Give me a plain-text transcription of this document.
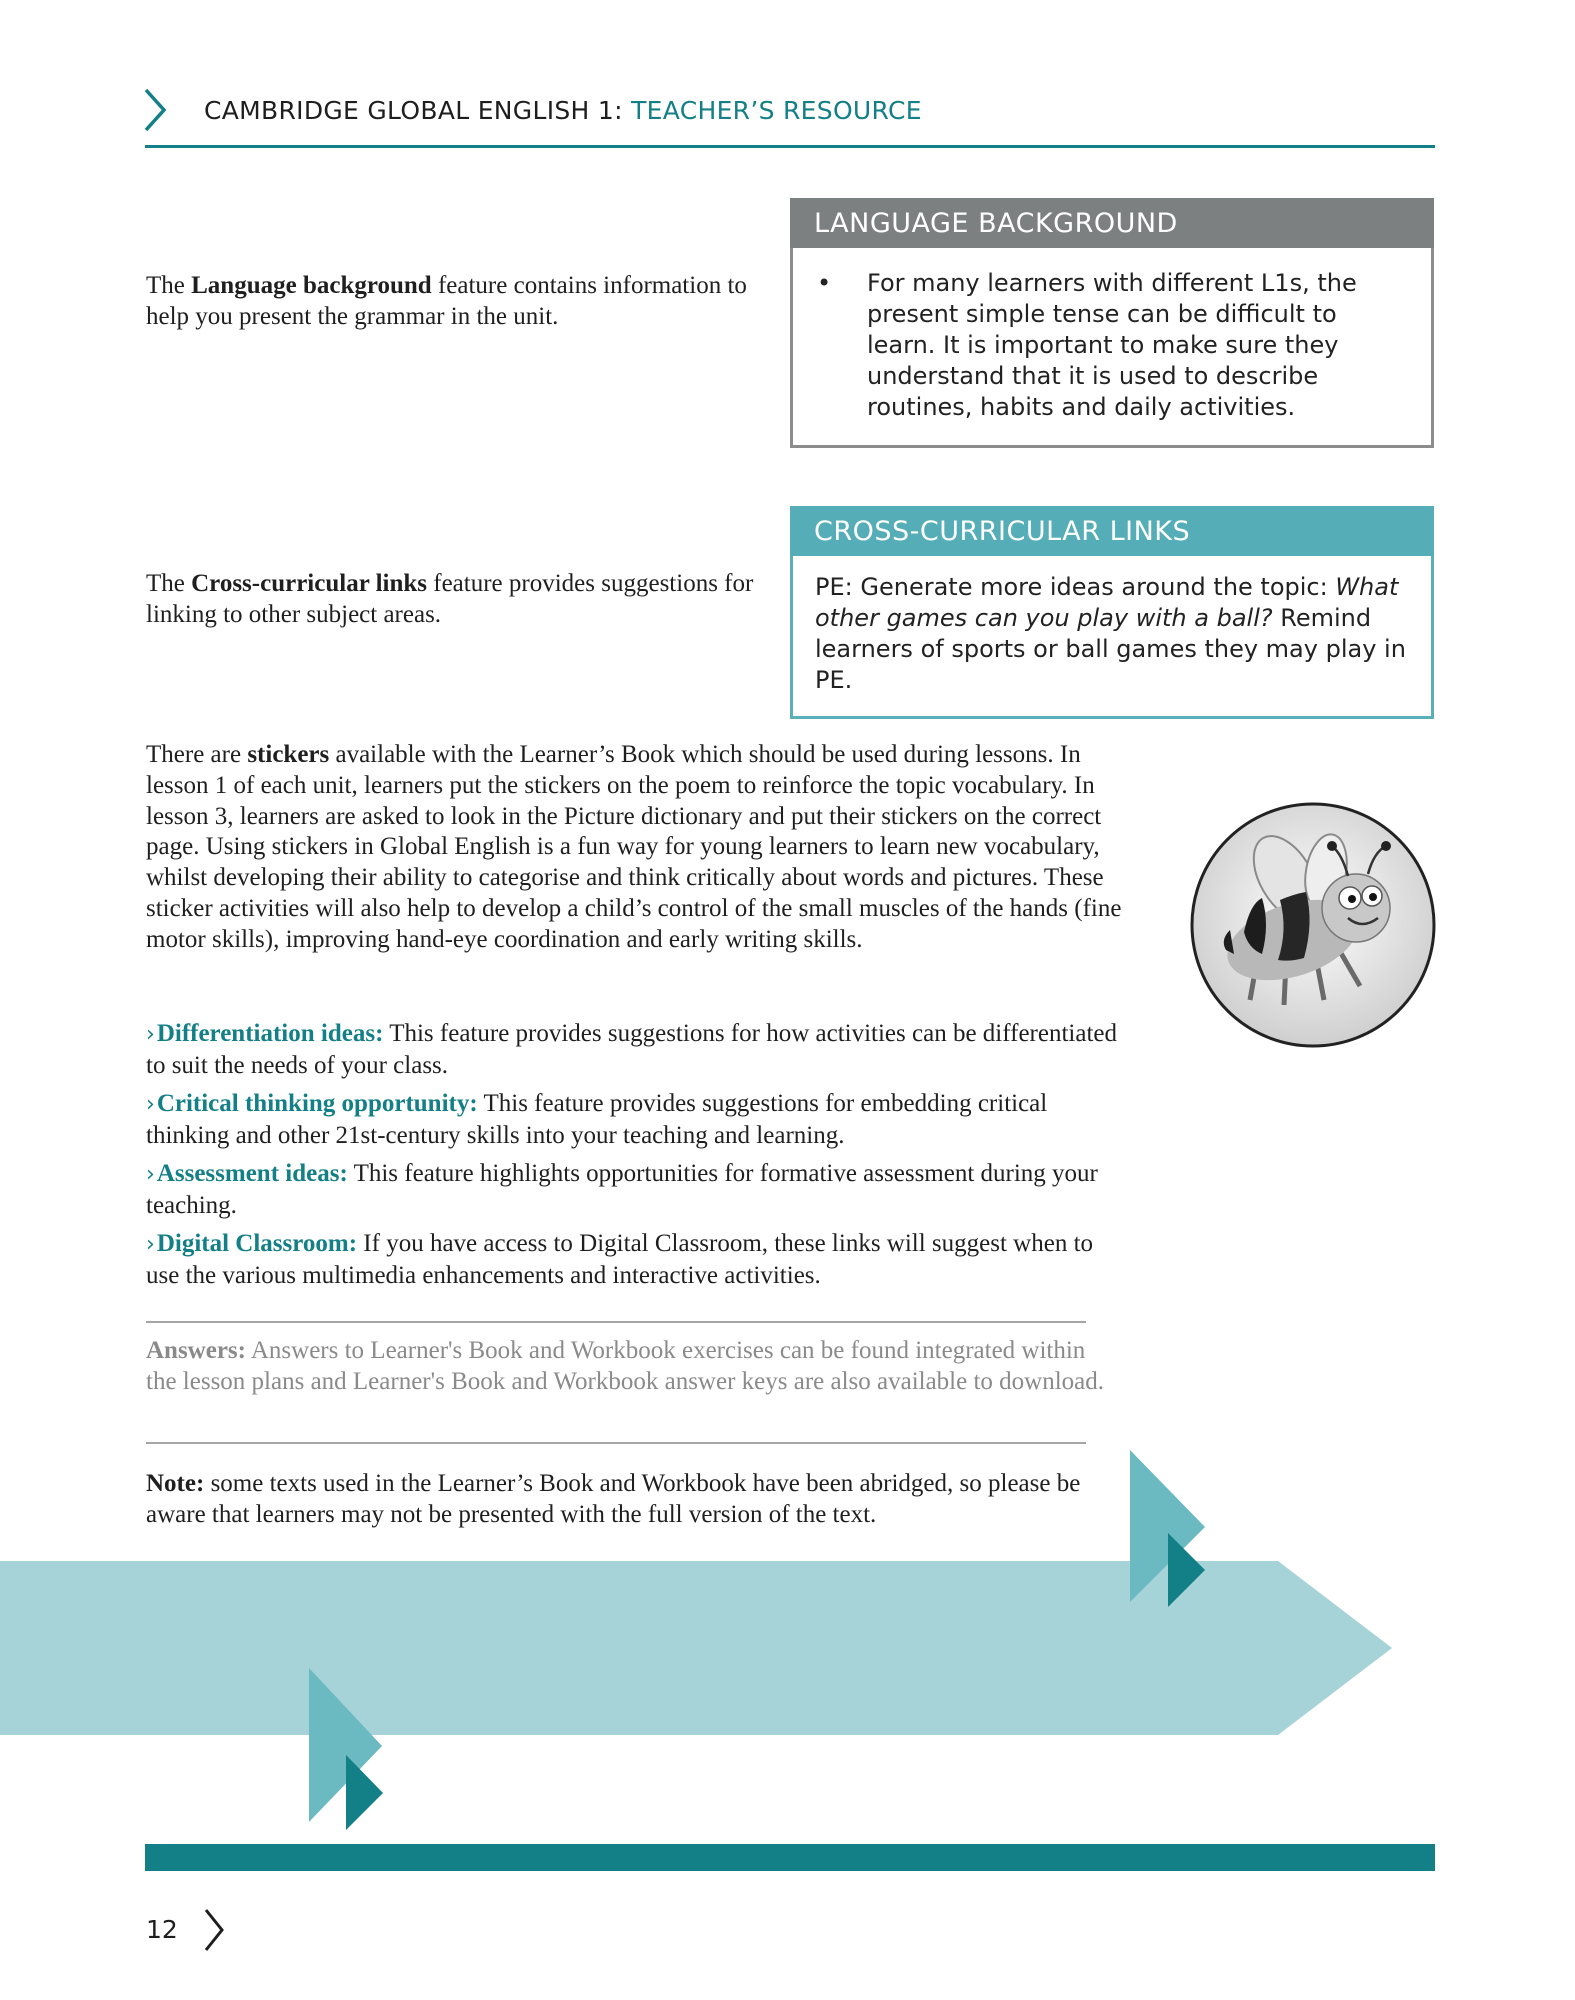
CAMBRIDGE GLOBAL ENGLISH 1: TEACHER’S RESOURCE
The Language background feature contains information to help you present the grammar in the unit.
LANGUAGE BACKGROUND
• For many learners with different L1s, the present simple tense can be difficult to learn. It is important to make sure they understand that it is used to describe routines, habits and daily activities.
The Cross-curricular links feature provides suggestions for linking to other subject areas.
CROSS-CURRICULAR LINKS
PE: Generate more ideas around the topic: What other games can you play with a ball? Remind learners of sports or ball games they may play in PE.
There are stickers available with the Learner’s Book which should be used during lessons. In lesson 1 of each unit, learners put the stickers on the poem to reinforce the topic vocabulary. In lesson 3, learners are asked to look in the Picture dictionary and put their stickers on the correct page. Using stickers in Global English is a fun way for young learners to learn new vocabulary, whilst developing their ability to categorise and think critically about words and pictures. These sticker activities will also help to develop a child’s control of the small muscles of the hands (fine motor skills), improving hand-eye coordination and early writing skills.
›Differentiation ideas: This feature provides suggestions for how activities can be differentiated to suit the needs of your class.
›Critical thinking opportunity: This feature provides suggestions for embedding critical thinking and other 21st-century skills into your teaching and learning.
›Assessment ideas: This feature highlights opportunities for formative assessment during your teaching.
›Digital Classroom: If you have access to Digital Classroom, these links will suggest when to use the various multimedia enhancements and interactive activities.
Answers: Answers to Learner's Book and Workbook exercises can be found integrated within the lesson plans and Learner's Book and Workbook answer keys are also available to download.
Note: some texts used in the Learner’s Book and Workbook have been abridged, so please be aware that learners may not be presented with the full version of the text.
12
